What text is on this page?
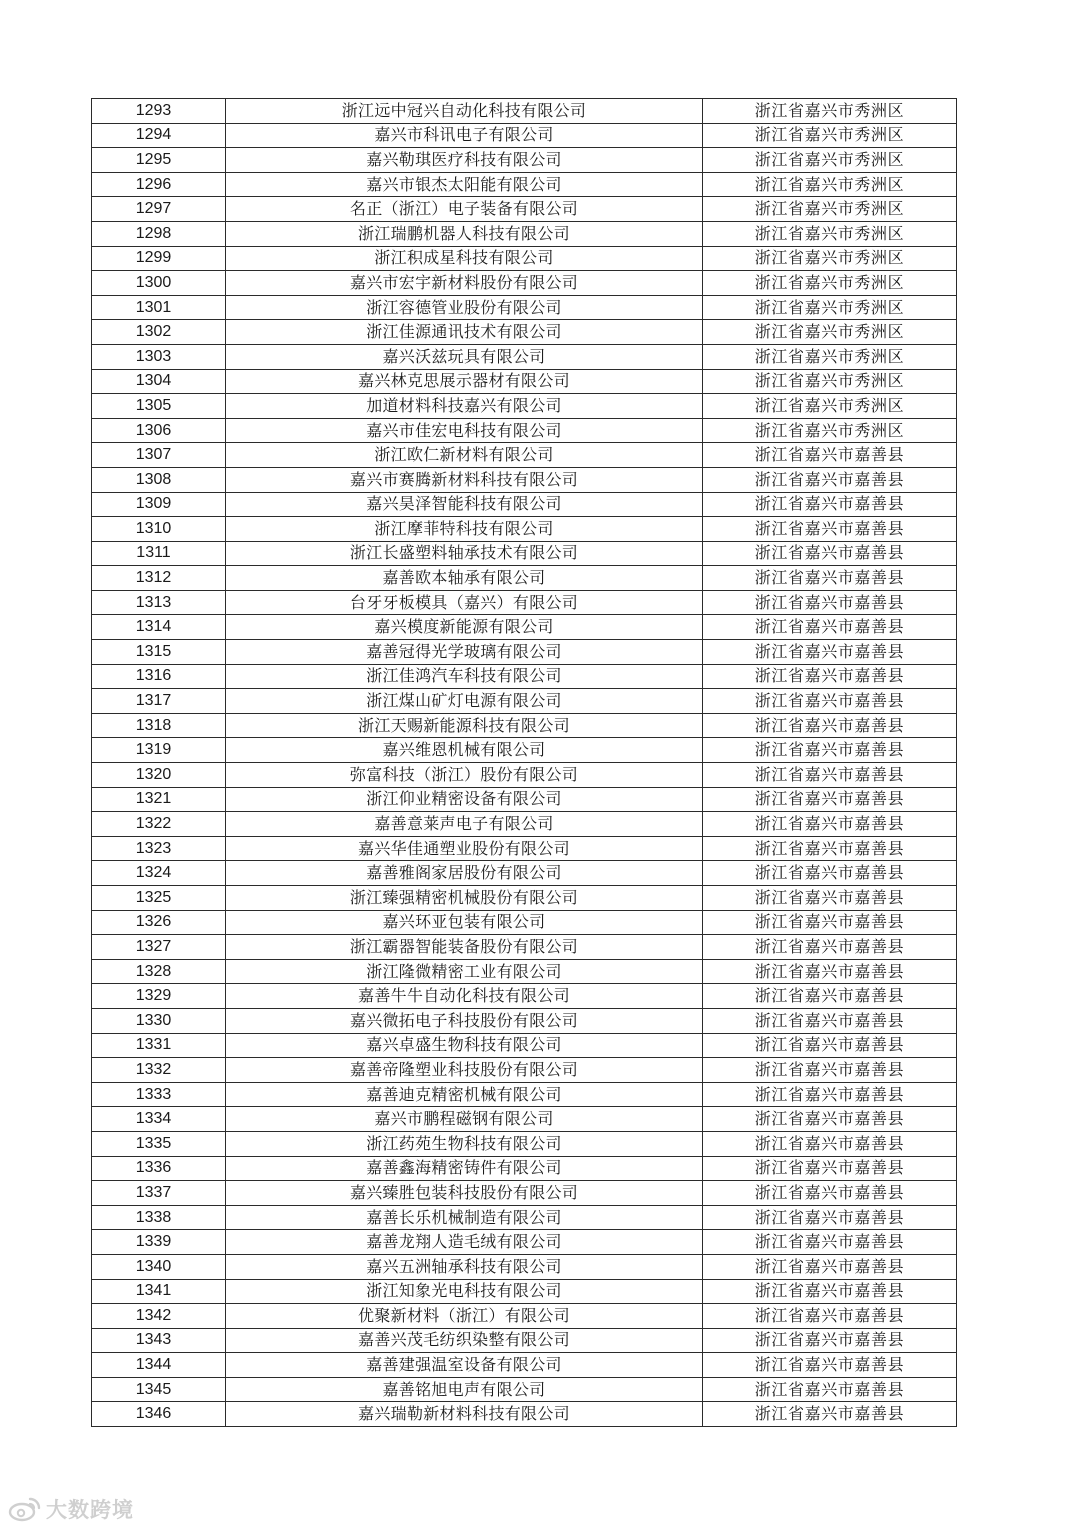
1293	浙江远中冠兴自动化科技有限公司	浙江省嘉兴市秀洲区
1294	嘉兴市科讯电子有限公司	浙江省嘉兴市秀洲区
1295	嘉兴勒琪医疗科技有限公司	浙江省嘉兴市秀洲区
1296	嘉兴市银杰太阳能有限公司	浙江省嘉兴市秀洲区
1297	名正（浙江）电子装备有限公司	浙江省嘉兴市秀洲区
1298	浙江瑞鹏机器人科技有限公司	浙江省嘉兴市秀洲区
1299	浙江积成星科技有限公司	浙江省嘉兴市秀洲区
1300	嘉兴市宏宇新材料股份有限公司	浙江省嘉兴市秀洲区
1301	浙江容德管业股份有限公司	浙江省嘉兴市秀洲区
1302	浙江佳源通讯技术有限公司	浙江省嘉兴市秀洲区
1303	嘉兴沃兹玩具有限公司	浙江省嘉兴市秀洲区
1304	嘉兴林克思展示器材有限公司	浙江省嘉兴市秀洲区
1305	加道材料科技嘉兴有限公司	浙江省嘉兴市秀洲区
1306	嘉兴市佳宏电科技有限公司	浙江省嘉兴市秀洲区
1307	浙江欧仁新材料有限公司	浙江省嘉兴市嘉善县
1308	嘉兴市赛腾新材料科技有限公司	浙江省嘉兴市嘉善县
1309	嘉兴昊泽智能科技有限公司	浙江省嘉兴市嘉善县
1310	浙江摩菲特科技有限公司	浙江省嘉兴市嘉善县
1311	浙江长盛塑料轴承技术有限公司	浙江省嘉兴市嘉善县
1312	嘉善欧本轴承有限公司	浙江省嘉兴市嘉善县
1313	台牙牙板模具（嘉兴）有限公司	浙江省嘉兴市嘉善县
1314	嘉兴模度新能源有限公司	浙江省嘉兴市嘉善县
1315	嘉善冠得光学玻璃有限公司	浙江省嘉兴市嘉善县
1316	浙江佳鸿汽车科技有限公司	浙江省嘉兴市嘉善县
1317	浙江煤山矿灯电源有限公司	浙江省嘉兴市嘉善县
1318	浙江天赐新能源科技有限公司	浙江省嘉兴市嘉善县
1319	嘉兴维恩机械有限公司	浙江省嘉兴市嘉善县
1320	弥富科技（浙江）股份有限公司	浙江省嘉兴市嘉善县
1321	浙江仰业精密设备有限公司	浙江省嘉兴市嘉善县
1322	嘉善意莱声电子有限公司	浙江省嘉兴市嘉善县
1323	嘉兴华佳通塑业股份有限公司	浙江省嘉兴市嘉善县
1324	嘉善雅阁家居股份有限公司	浙江省嘉兴市嘉善县
1325	浙江臻强精密机械股份有限公司	浙江省嘉兴市嘉善县
1326	嘉兴环亚包装有限公司	浙江省嘉兴市嘉善县
1327	浙江霸器智能装备股份有限公司	浙江省嘉兴市嘉善县
1328	浙江隆微精密工业有限公司	浙江省嘉兴市嘉善县
1329	嘉善牛牛自动化科技有限公司	浙江省嘉兴市嘉善县
1330	嘉兴微拓电子科技股份有限公司	浙江省嘉兴市嘉善县
1331	嘉兴卓盛生物科技有限公司	浙江省嘉兴市嘉善县
1332	嘉善帝隆塑业科技股份有限公司	浙江省嘉兴市嘉善县
1333	嘉善迪克精密机械有限公司	浙江省嘉兴市嘉善县
1334	嘉兴市鹏程磁钢有限公司	浙江省嘉兴市嘉善县
1335	浙江药苑生物科技有限公司	浙江省嘉兴市嘉善县
1336	嘉善鑫海精密铸件有限公司	浙江省嘉兴市嘉善县
1337	嘉兴臻胜包装科技股份有限公司	浙江省嘉兴市嘉善县
1338	嘉善长乐机械制造有限公司	浙江省嘉兴市嘉善县
1339	嘉善龙翔人造毛绒有限公司	浙江省嘉兴市嘉善县
1340	嘉兴五洲轴承科技有限公司	浙江省嘉兴市嘉善县
1341	浙江知象光电科技有限公司	浙江省嘉兴市嘉善县
1342	优聚新材料（浙江）有限公司	浙江省嘉兴市嘉善县
1343	嘉善兴茂毛纺织染整有限公司	浙江省嘉兴市嘉善县
1344	嘉善建强温室设备有限公司	浙江省嘉兴市嘉善县
1345	嘉善铭旭电声有限公司	浙江省嘉兴市嘉善县
1346	嘉兴瑞勒新材料科技有限公司	浙江省嘉兴市嘉善县
大数跨境
